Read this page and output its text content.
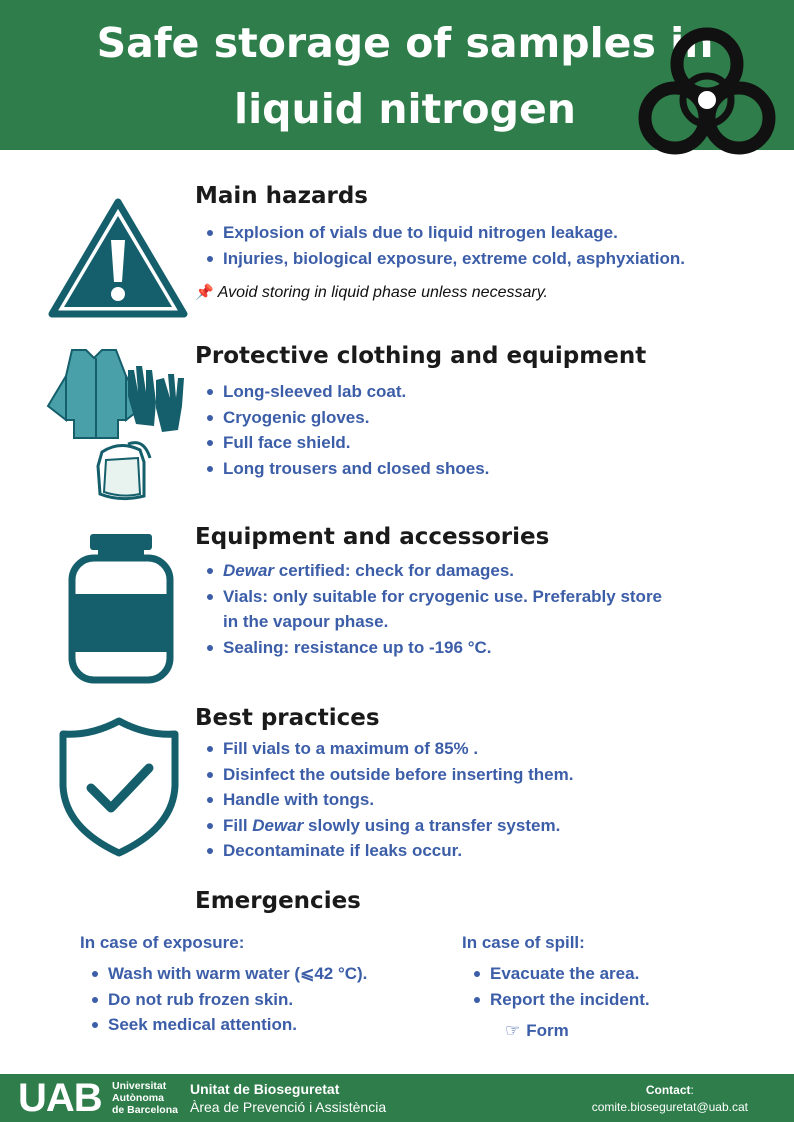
Safe storage of samples in
liquid nitrogen
Main hazards
Explosion of vials due to liquid nitrogen leakage.
Injuries, biological exposure, extreme cold, asphyxiation.
📌 Avoid storing in liquid phase unless necessary.
Protective clothing and equipment
Long-sleeved lab coat.
Cryogenic gloves.
Full face shield.
Long trousers and closed shoes.
Equipment and accessories
Dewar certified: check for damages.
Vials: only suitable for cryogenic use. Preferably store
in the vapour phase.
Sealing: resistance up to -196 °C.
Best practices
Fill vials to a maximum of 85% .
Disinfect the outside before inserting them.
Handle with tongs.
Fill Dewar slowly using a transfer system.
Decontaminate if leaks occur.
Emergencies
In case of exposure:
Wash with warm water (⩽42 °C).
Do not rub frozen skin.
Seek medical attention.
In case of spill:
Evacuate the area.
Report the incident.
☞ Form
UAB Universitat
Autònoma
de Barcelona
Unitat de Bioseguretat
Àrea de Prevenció i Assistència
Contact:
comite.bioseguretat@uab.cat
